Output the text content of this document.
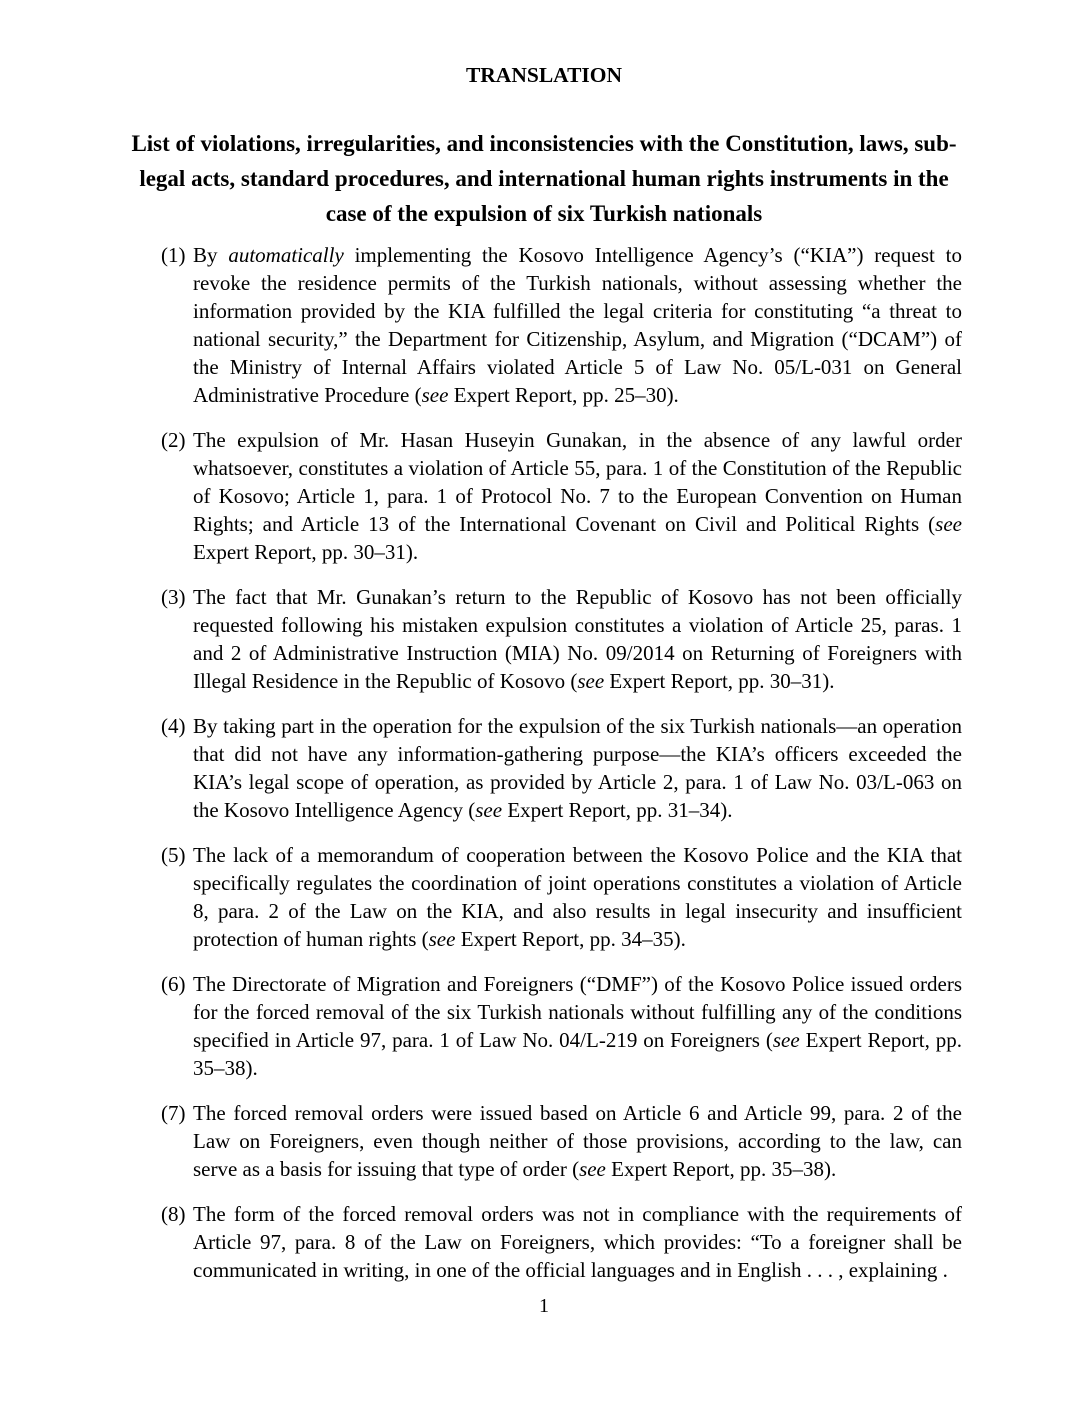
TRANSLATION
List of violations, irregularities, and inconsistencies with the Constitution, laws, sub-
legal acts, standard procedures, and international human rights instruments in the
case of the expulsion of six Turkish nationals
(1) By automatically implementing the Kosovo Intelligence Agency’s (“KIA”) request to revoke the residence permits of the Turkish nationals, without assessing whether the information provided by the KIA fulfilled the legal criteria for constituting “a threat to national security,” the Department for Citizenship, Asylum, and Migration (“DCAM”) of the Ministry of Internal Affairs violated Article 5 of Law No. 05/L-031 on General Administrative Procedure (see Expert Report, pp. 25–30).
(2) The expulsion of Mr. Hasan Huseyin Gunakan, in the absence of any lawful order whatsoever, constitutes a violation of Article 55, para. 1 of the Constitution of the Republic of Kosovo; Article 1, para. 1 of Protocol No. 7 to the European Convention on Human Rights; and Article 13 of the International Covenant on Civil and Political Rights (see Expert Report, pp. 30–31).
(3) The fact that Mr. Gunakan’s return to the Republic of Kosovo has not been officially requested following his mistaken expulsion constitutes a violation of Article 25, paras. 1 and 2 of Administrative Instruction (MIA) No. 09/2014 on Returning of Foreigners with Illegal Residence in the Republic of Kosovo (see Expert Report, pp. 30–31).
(4) By taking part in the operation for the expulsion of the six Turkish nationals—an operation that did not have any information-gathering purpose—the KIA’s officers exceeded the KIA’s legal scope of operation, as provided by Article 2, para. 1 of Law No. 03/L-063 on the Kosovo Intelligence Agency (see Expert Report, pp. 31–34).
(5) The lack of a memorandum of cooperation between the Kosovo Police and the KIA that specifically regulates the coordination of joint operations constitutes a violation of Article 8, para. 2 of the Law on the KIA, and also results in legal insecurity and insufficient protection of human rights (see Expert Report, pp. 34–35).
(6) The Directorate of Migration and Foreigners (“DMF”) of the Kosovo Police issued orders for the forced removal of the six Turkish nationals without fulfilling any of the conditions specified in Article 97, para. 1 of Law No. 04/L-219 on Foreigners (see Expert Report, pp. 35–38).
(7) The forced removal orders were issued based on Article 6 and Article 99, para. 2 of the Law on Foreigners, even though neither of those provisions, according to the law, can serve as a basis for issuing that type of order (see Expert Report, pp. 35–38).
(8) The form of the forced removal orders was not in compliance with the requirements of Article 97, para. 8 of the Law on Foreigners, which provides: “To a foreigner shall be communicated in writing, in one of the official languages and in English . . . , explaining .
1
